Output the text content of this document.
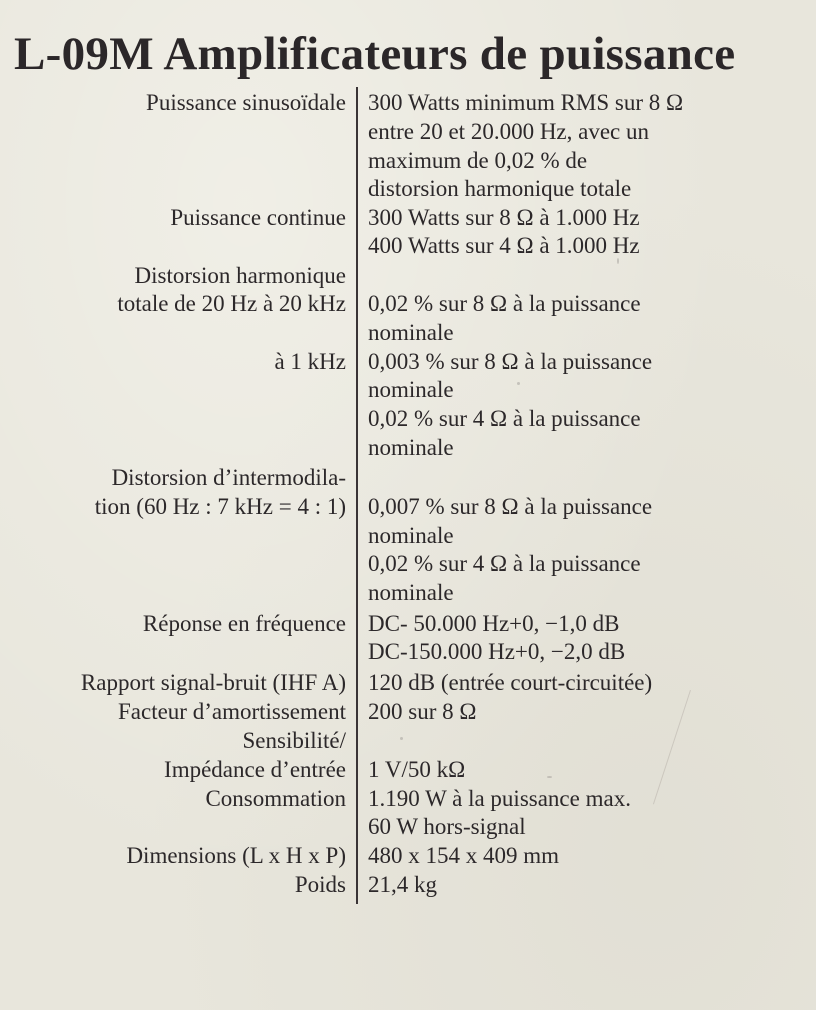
L-09M Amplificateurs de puissance
Puissance sinusoïdale 300 Watts minimum RMS sur 8 Ω
entre 20 et 20.000 Hz, avec un
maximum de 0,02 % de
distorsion harmonique totale
Puissance continue 300 Watts sur 8 Ω à 1.000 Hz
400 Watts sur 4 Ω à 1.000 Hz
Distorsion harmonique
totale de 20 Hz à 20 kHz 0,02 % sur 8 Ω à la puissance
nominale
à 1 kHz 0,003 % sur 8 Ω à la puissance
nominale
0,02 % sur 4 Ω à la puissance
nominale
Distorsion d’intermodila-
tion (60 Hz : 7 kHz = 4 : 1) 0,007 % sur 8 Ω à la puissance
nominale
0,02 % sur 4 Ω à la puissance
nominale
Réponse en fréquence DC- 50.000 Hz+0, −1,0 dB
DC-150.000 Hz+0, −2,0 dB
Rapport signal-bruit (IHF A) 120 dB (entrée court-circuitée)
Facteur d’amortissement 200 sur 8 Ω
Sensibilité/
Impédance d’entrée 1 V/50 kΩ
Consommation 1.190 W à la puissance max.
60 W hors-signal
Dimensions (L x H x P) 480 x 154 x 409 mm
Poids 21,4 kg
